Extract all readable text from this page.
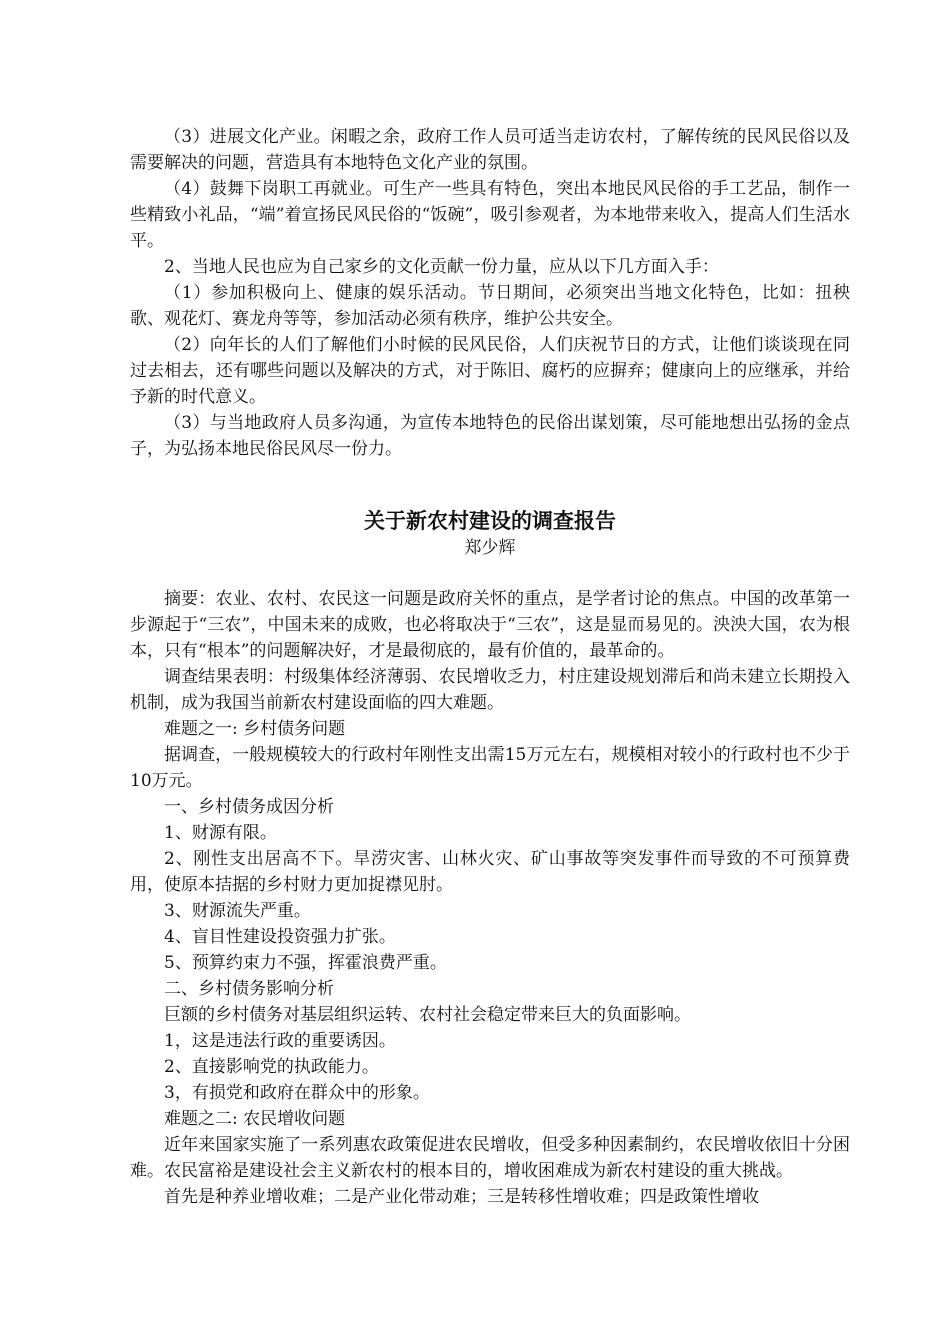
（3）进展文化产业。闲暇之余，政府工作人员可适当走访农村，了解传统的民风民俗以及需要解决的问题，营造具有本地特色文化产业的氛围。

（4）鼓舞下岗职工再就业。可生产一些具有特色，突出本地民风民俗的手工艺品，制作一些精致小礼品，“端”着宣扬民风民俗的“饭碗”，吸引参观者，为本地带来收入，提高人们生活水平。

2、当地人民也应为自己家乡的文化贡献一份力量，应从以下几方面入手：

（1）参加积极向上、健康的娱乐活动。节日期间，必须突出当地文化特色，比如：扭秧歌、观花灯、赛龙舟等等，参加活动必须有秩序，维护公共安全。

（2）向年长的人们了解他们小时候的民风民俗，人们庆祝节日的方式，让他们谈谈现在同过去相去，还有哪些问题以及解决的方式，对于陈旧、腐朽的应摒弃；健康向上的应继承，并给予新的时代意义。

（3）与当地政府人员多沟通，为宣传本地特色的民俗出谋划策，尽可能地想出弘扬的金点子，为弘扬本地民俗民风尽一份力。

关于新农村建设的调查报告

郑少辉

摘要：农业、农村、农民这一问题是政府关怀的重点，是学者讨论的焦点。中国的改革第一步源起于“三农”，中国未来的成败，也必将取决于“三农”，这是显而易见的。泱泱大国，农为根本，只有“根本”的问题解决好，才是最彻底的，最有价值的，最革命的。

调查结果表明：村级集体经济薄弱、农民增收乏力，村庄建设规划滞后和尚未建立长期投入机制，成为我国当前新农村建设面临的四大难题。

难题之一: 乡村债务问题

据调查，一般规模较大的行政村年刚性支出需15万元左右，规模相对较小的行政村也不少于10万元。

一、乡村债务成因分析

1、财源有限。

2、刚性支出居高不下。旱涝灾害、山林火灾、矿山事故等突发事件而导致的不可预算费用，使原本拮据的乡村财力更加捉襟见肘。

3、财源流失严重。

4、盲目性建设投资强力扩张。

5、预算约束力不强，挥霍浪费严重。

二、乡村债务影响分析

巨额的乡村债务对基层组织运转、农村社会稳定带来巨大的负面影响。

1，这是违法行政的重要诱因。

2、直接影响党的执政能力。

3，有损党和政府在群众中的形象。

难题之二: 农民增收问题

近年来国家实施了一系列惠农政策促进农民增收，但受多种因素制约，农民增收依旧十分困难。农民富裕是建设社会主义新农村的根本目的，增收困难成为新农村建设的重大挑战。

首先是种养业增收难；二是产业化带动难；三是转移性增收难；四是政策性增收
